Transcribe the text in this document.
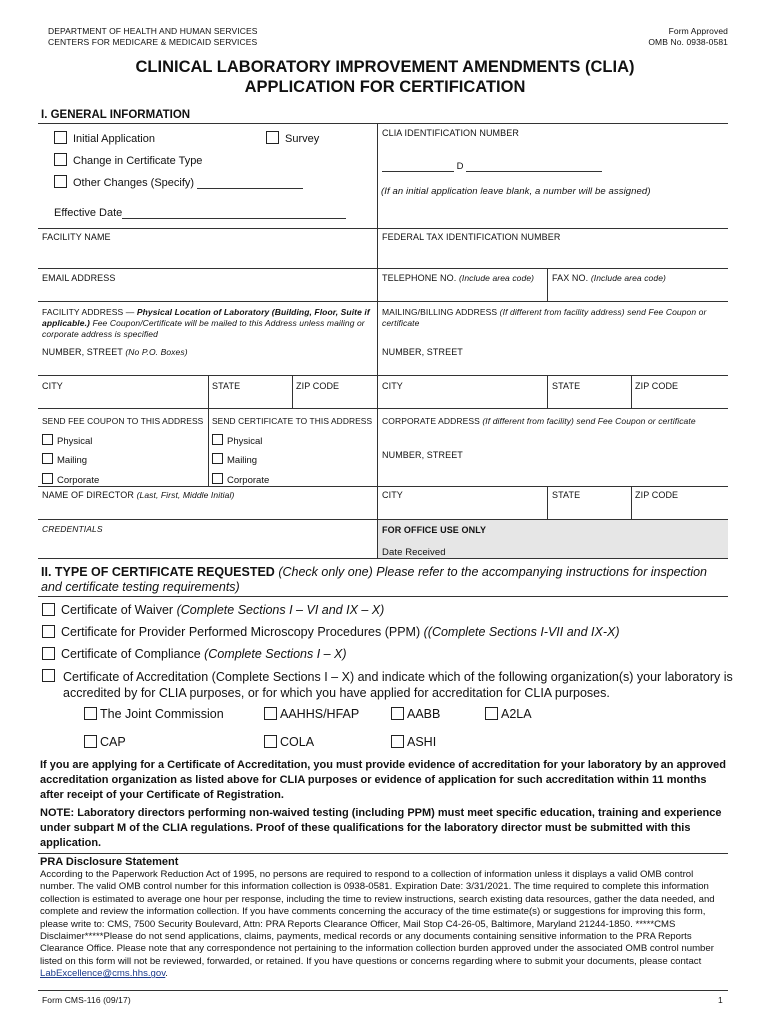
DEPARTMENT OF HEALTH AND HUMAN SERVICES
CENTERS FOR MEDICARE & MEDICAID SERVICES
Form Approved
OMB No. 0938-0581
CLINICAL LABORATORY IMPROVEMENT AMENDMENTS (CLIA)
APPLICATION FOR CERTIFICATION
I. GENERAL INFORMATION
Initial Application	Survey
Change in Certificate Type
Other Changes (Specify)
Effective Date
CLIA IDENTIFICATION NUMBER
D
(If an initial application leave blank, a number will be assigned)
FACILITY NAME	FEDERAL TAX IDENTIFICATION NUMBER
EMAIL ADDRESS	TELEPHONE NO. (Include area code) FAX NO. (Include area code)
FACILITY ADDRESS — Physical Location of Laboratory (Building, Floor, Suite if applicable.) Fee Coupon/Certificate will be mailed to this Address unless mailing or corporate address is specified
MAILING/BILLING ADDRESS (If different from facility address) send Fee Coupon or certificate
NUMBER, STREET (No P.O. Boxes)	NUMBER, STREET
CITY	STATE	ZIP CODE	CITY	STATE	ZIP CODE
SEND FEE COUPON TO THIS ADDRESS SEND CERTIFICATE TO THIS ADDRESS CORPORATE ADDRESS (If different from facility) send Fee Coupon or certificate
Physical
Mailing
Corporate
Physical
Mailing
Corporate
NUMBER, STREET
NAME OF DIRECTOR (Last, First, Middle Initial)	CITY	STATE	ZIP CODE
CREDENTIALS	FOR OFFICE USE ONLY
Date Received
II. TYPE OF CERTIFICATE REQUESTED (Check only one) Please refer to the accompanying instructions for inspection and certificate testing requirements)
Certificate of Waiver (Complete Sections I – VI and IX – X)
Certificate for Provider Performed Microscopy Procedures (PPM) ((Complete Sections I-VII and IX-X)
Certificate of Compliance (Complete Sections I – X)
Certificate of Accreditation (Complete Sections I – X) and indicate which of the following organization(s) your laboratory is accredited by for CLIA purposes, or for which you have applied for accreditation for CLIA purposes.
The Joint Commission	AAHHS/HFAP	AABB	A2LA
CAP	COLA	ASHI
If you are applying for a Certificate of Accreditation, you must provide evidence of accreditation for your laboratory by an approved accreditation organization as listed above for CLIA purposes or evidence of application for such accreditation within 11 months after receipt of your Certificate of Registration.
NOTE: Laboratory directors performing non-waived testing (including PPM) must meet specific education, training and experience under subpart M of the CLIA regulations. Proof of these qualifications for the laboratory director must be submitted with this application.
PRA Disclosure Statement
According to the Paperwork Reduction Act of 1995, no persons are required to respond to a collection of information unless it displays a valid OMB control number. The valid OMB control number for this information collection is 0938-0581. Expiration Date: 3/31/2021. The time required to complete this information collection is estimated to average one hour per response, including the time to review instructions, search existing data resources, gather the data needed, and complete and review the information collection. If you have comments concerning the accuracy of the time estimate(s) or suggestions for improving this form, please write to: CMS, 7500 Security Boulevard, Attn: PRA Reports Clearance Officer, Mail Stop C4-26-05, Baltimore, Maryland 21244-1850. *****CMS Disclaimer*****Please do not send applications, claims, payments, medical records or any documents containing sensitive information to the PRA Reports Clearance Office. Please note that any correspondence not pertaining to the information collection burden approved under the associated OMB control number listed on this form will not be reviewed, forwarded, or retained. If you have questions or concerns regarding where to submit your documents, please contact LabExcellence@cms.hhs.gov.
Form CMS-116 (09/17)	1
